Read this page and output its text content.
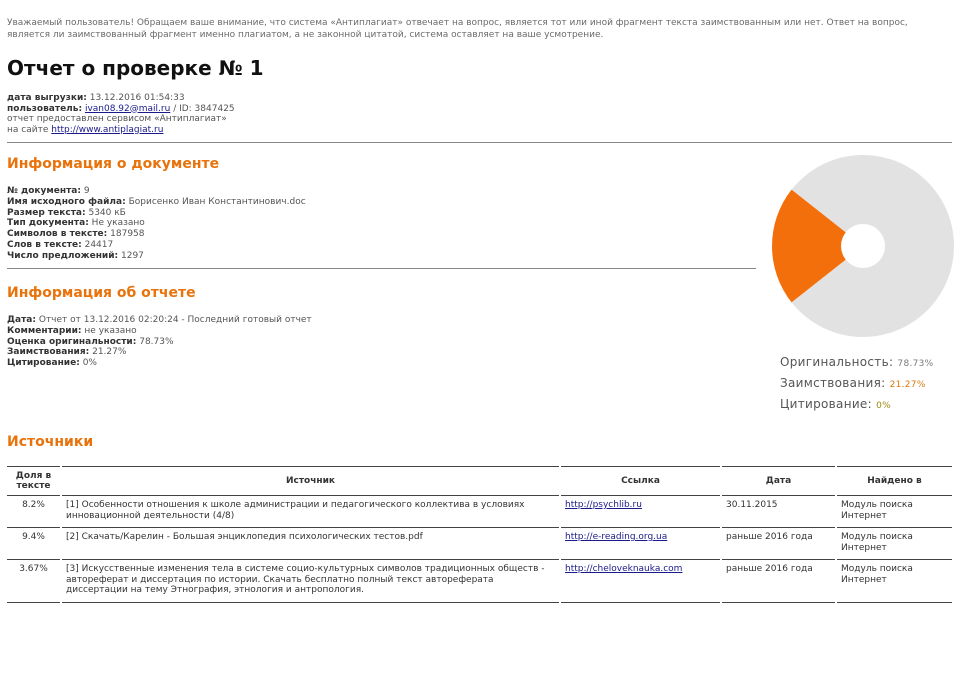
Уважаемый пользователь! Обращаем ваше внимание, что система «Антиплагиат» отвечает на вопрос, является тот или иной фрагмент текста заимствованным или нет. Ответ на вопрос, является ли заимствованный фрагмент именно плагиатом, а не законной цитатой, система оставляет на ваше усмотрение.
Отчет о проверке № 1
дата выгрузки: 13.12.2016 01:54:33
пользователь: ivan08.92@mail.ru / ID: 3847425
отчет предоставлен сервисом «Антиплагиат»
на сайте http://www.antiplagiat.ru
Информация о документе
№ документа: 9
Имя исходного файла: Борисенко Иван Константинович.doc
Размер текста: 5340 кБ
Тип документа: Не указано
Символов в тексте: 187958
Слов в тексте: 24417
Число предложений: 1297
Информация об отчете
Дата: Отчет от 13.12.2016 02:20:24 - Последний готовый отчет
Комментарии: не указано
Оценка оригинальности: 78.73%
Заимствования: 21.27%
Цитирование: 0%	Оригинальность: 78.73%
Заимствования: 21.27%
Цитирование: 0%
Источники
Доля в тексте	Источник	Ссылка	Дата	Найдено в
8.2%	[1] Особенности отношения к школе администрации и педагогического коллектива в условиях инновационной деятельности (4/8)	http://psychlib.ru	30.11.2015	Модуль поиска Интернет
9.4%	[2] Скачать/Карелин - Большая энциклопедия психологических тестов.pdf	http://e-reading.org.ua	раньше 2016 года	Модуль поиска Интернет
3.67%	[3] Искусственные изменения тела в системе социо-культурных символов традиционных обществ - автореферат и диссертация по истории. Скачать бесплатно полный текст автореферата диссертации на тему Этнография, этнология и антропология.	http://cheloveknauka.com	раньше 2016 года	Модуль поиска Интернет
